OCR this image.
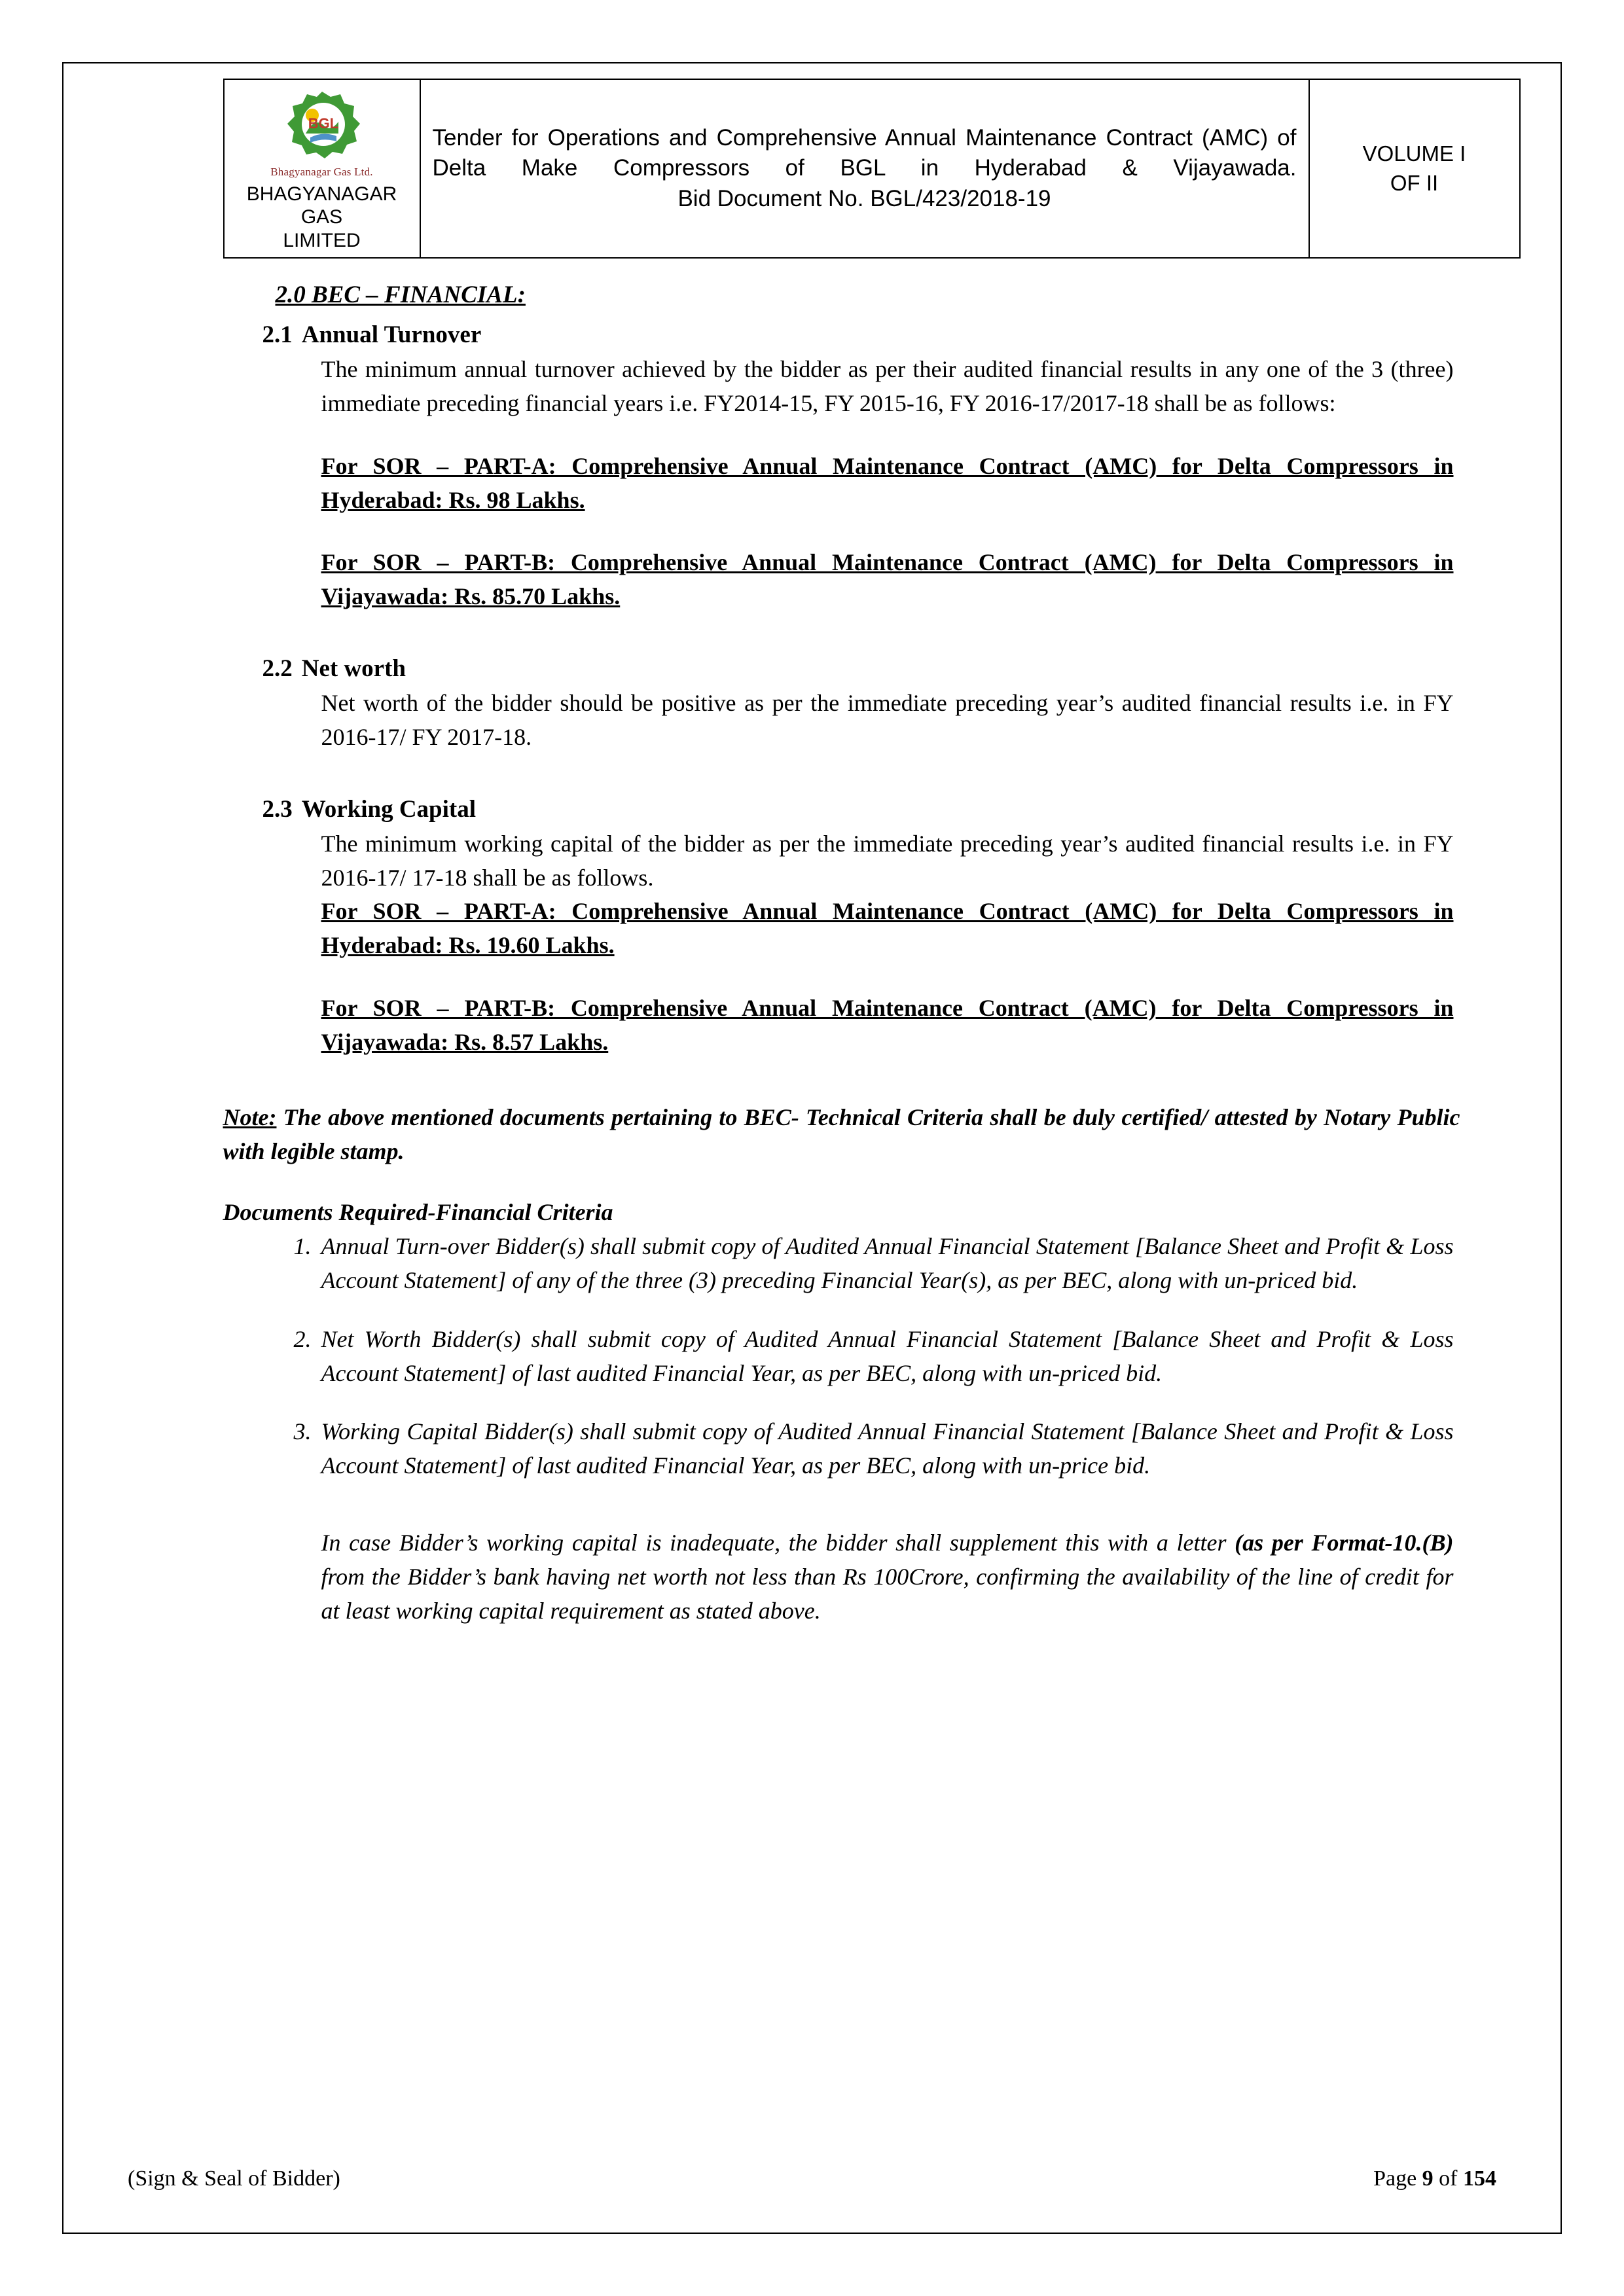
BGL
Bhagyanagar Gas Ltd.
BHAGYANAGAR GAS
LIMITED

Tender for Operations and Comprehensive Annual Maintenance Contract (AMC) of Delta Make Compressors of BGL in Hyderabad & Vijayawada.
Bid Document No. BGL/423/2018-19

VOLUME I
OF II
2.0 BEC – FINANCIAL:
2.1 Annual Turnover
The minimum annual turnover achieved by the bidder as per their audited financial results in any one of the 3 (three) immediate preceding financial years i.e. FY2014-15, FY 2015-16, FY 2016-17/2017-18 shall be as follows:
For SOR – PART-A: Comprehensive Annual Maintenance Contract (AMC) for Delta Compressors in Hyderabad: Rs. 98 Lakhs.
For SOR – PART-B: Comprehensive Annual Maintenance Contract (AMC) for Delta Compressors in Vijayawada: Rs. 85.70 Lakhs.
2.2 Net worth
Net worth of the bidder should be positive as per the immediate preceding year’s audited financial results i.e. in FY 2016-17/ FY 2017-18.
2.3 Working Capital
The minimum working capital of the bidder as per the immediate preceding year’s audited financial results i.e. in FY 2016-17/ 17-18 shall be as follows.
For SOR – PART-A: Comprehensive Annual Maintenance Contract (AMC) for Delta Compressors in Hyderabad: Rs. 19.60 Lakhs.
For SOR – PART-B: Comprehensive Annual Maintenance Contract (AMC) for Delta Compressors in Vijayawada: Rs. 8.57 Lakhs.
Note: The above mentioned documents pertaining to BEC- Technical Criteria shall be duly certified/ attested by Notary Public with legible stamp.
Documents Required-Financial Criteria
1. Annual Turn-over Bidder(s) shall submit copy of Audited Annual Financial Statement [Balance Sheet and Profit & Loss Account Statement] of any of the three (3) preceding Financial Year(s), as per BEC, along with un-priced bid.
2. Net Worth Bidder(s) shall submit copy of Audited Annual Financial Statement [Balance Sheet and Profit & Loss Account Statement] of last audited Financial Year, as per BEC, along with un-priced bid.
3. Working Capital Bidder(s) shall submit copy of Audited Annual Financial Statement [Balance Sheet and Profit & Loss Account Statement] of last audited Financial Year, as per BEC, along with un-price bid.
In case Bidder’s working capital is inadequate, the bidder shall supplement this with a letter (as per Format-10.(B) from the Bidder’s bank having net worth not less than Rs 100Crore, confirming the availability of the line of credit for at least working capital requirement as stated above.
(Sign & Seal of Bidder)	Page 9 of 154
